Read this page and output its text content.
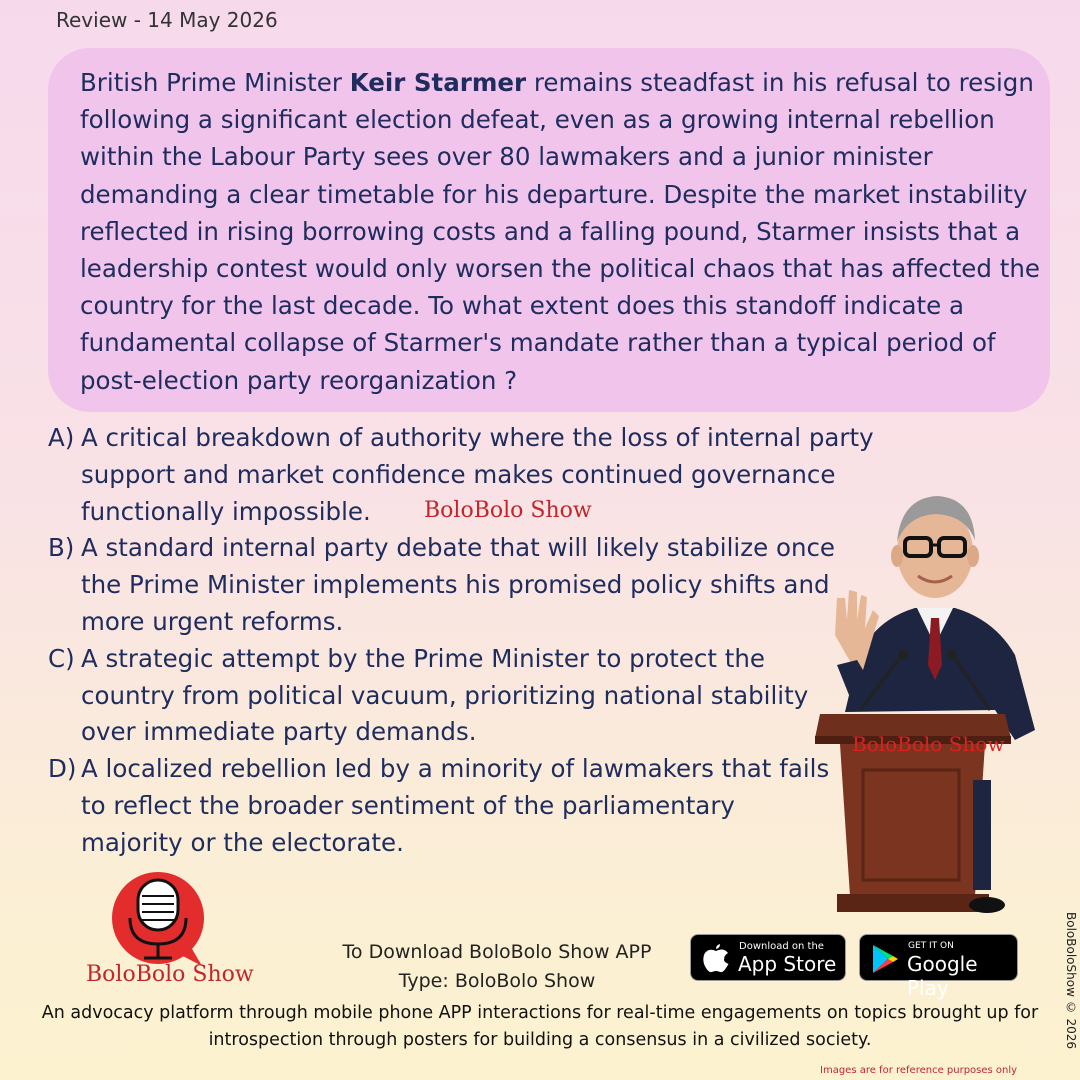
Review - 14 May 2026
British Prime Minister Keir Starmer remains steadfast in his refusal to resign following a significant election defeat, even as a growing internal rebellion within the Labour Party sees over 80 lawmakers and a junior minister demanding a clear timetable for his departure. Despite the market instability reflected in rising borrowing costs and a falling pound, Starmer insists that a leadership contest would only worsen the political chaos that has affected the country for the last decade. To what extent does this standoff indicate a fundamental collapse of Starmer's mandate rather than a typical period of post-election party reorganization ?
A) A critical breakdown of authority where the loss of internal party support and market confidence makes continued governance functionally impossible.
B) A standard internal party debate that will likely stabilize once the Prime Minister implements his promised policy shifts and more urgent reforms.
C) A strategic attempt by the Prime Minister to protect the country from political vacuum, prioritizing national stability over immediate party demands.
D) A localized rebellion led by a minority of lawmakers that fails to reflect the broader sentiment of the parliamentary majority or the electorate.
BoloBolo Show
BoloBolo Show
BoloBolo Show
To Download BoloBolo Show APP
Type: BoloBolo Show
Download on the
App Store
GET IT ON
Google Play
An advocacy platform through mobile phone APP interactions for real-time engagements on topics brought up for introspection through posters for building a consensus in a civilized society.	BoloBoloShow © 2026
Images are for reference purposes only
